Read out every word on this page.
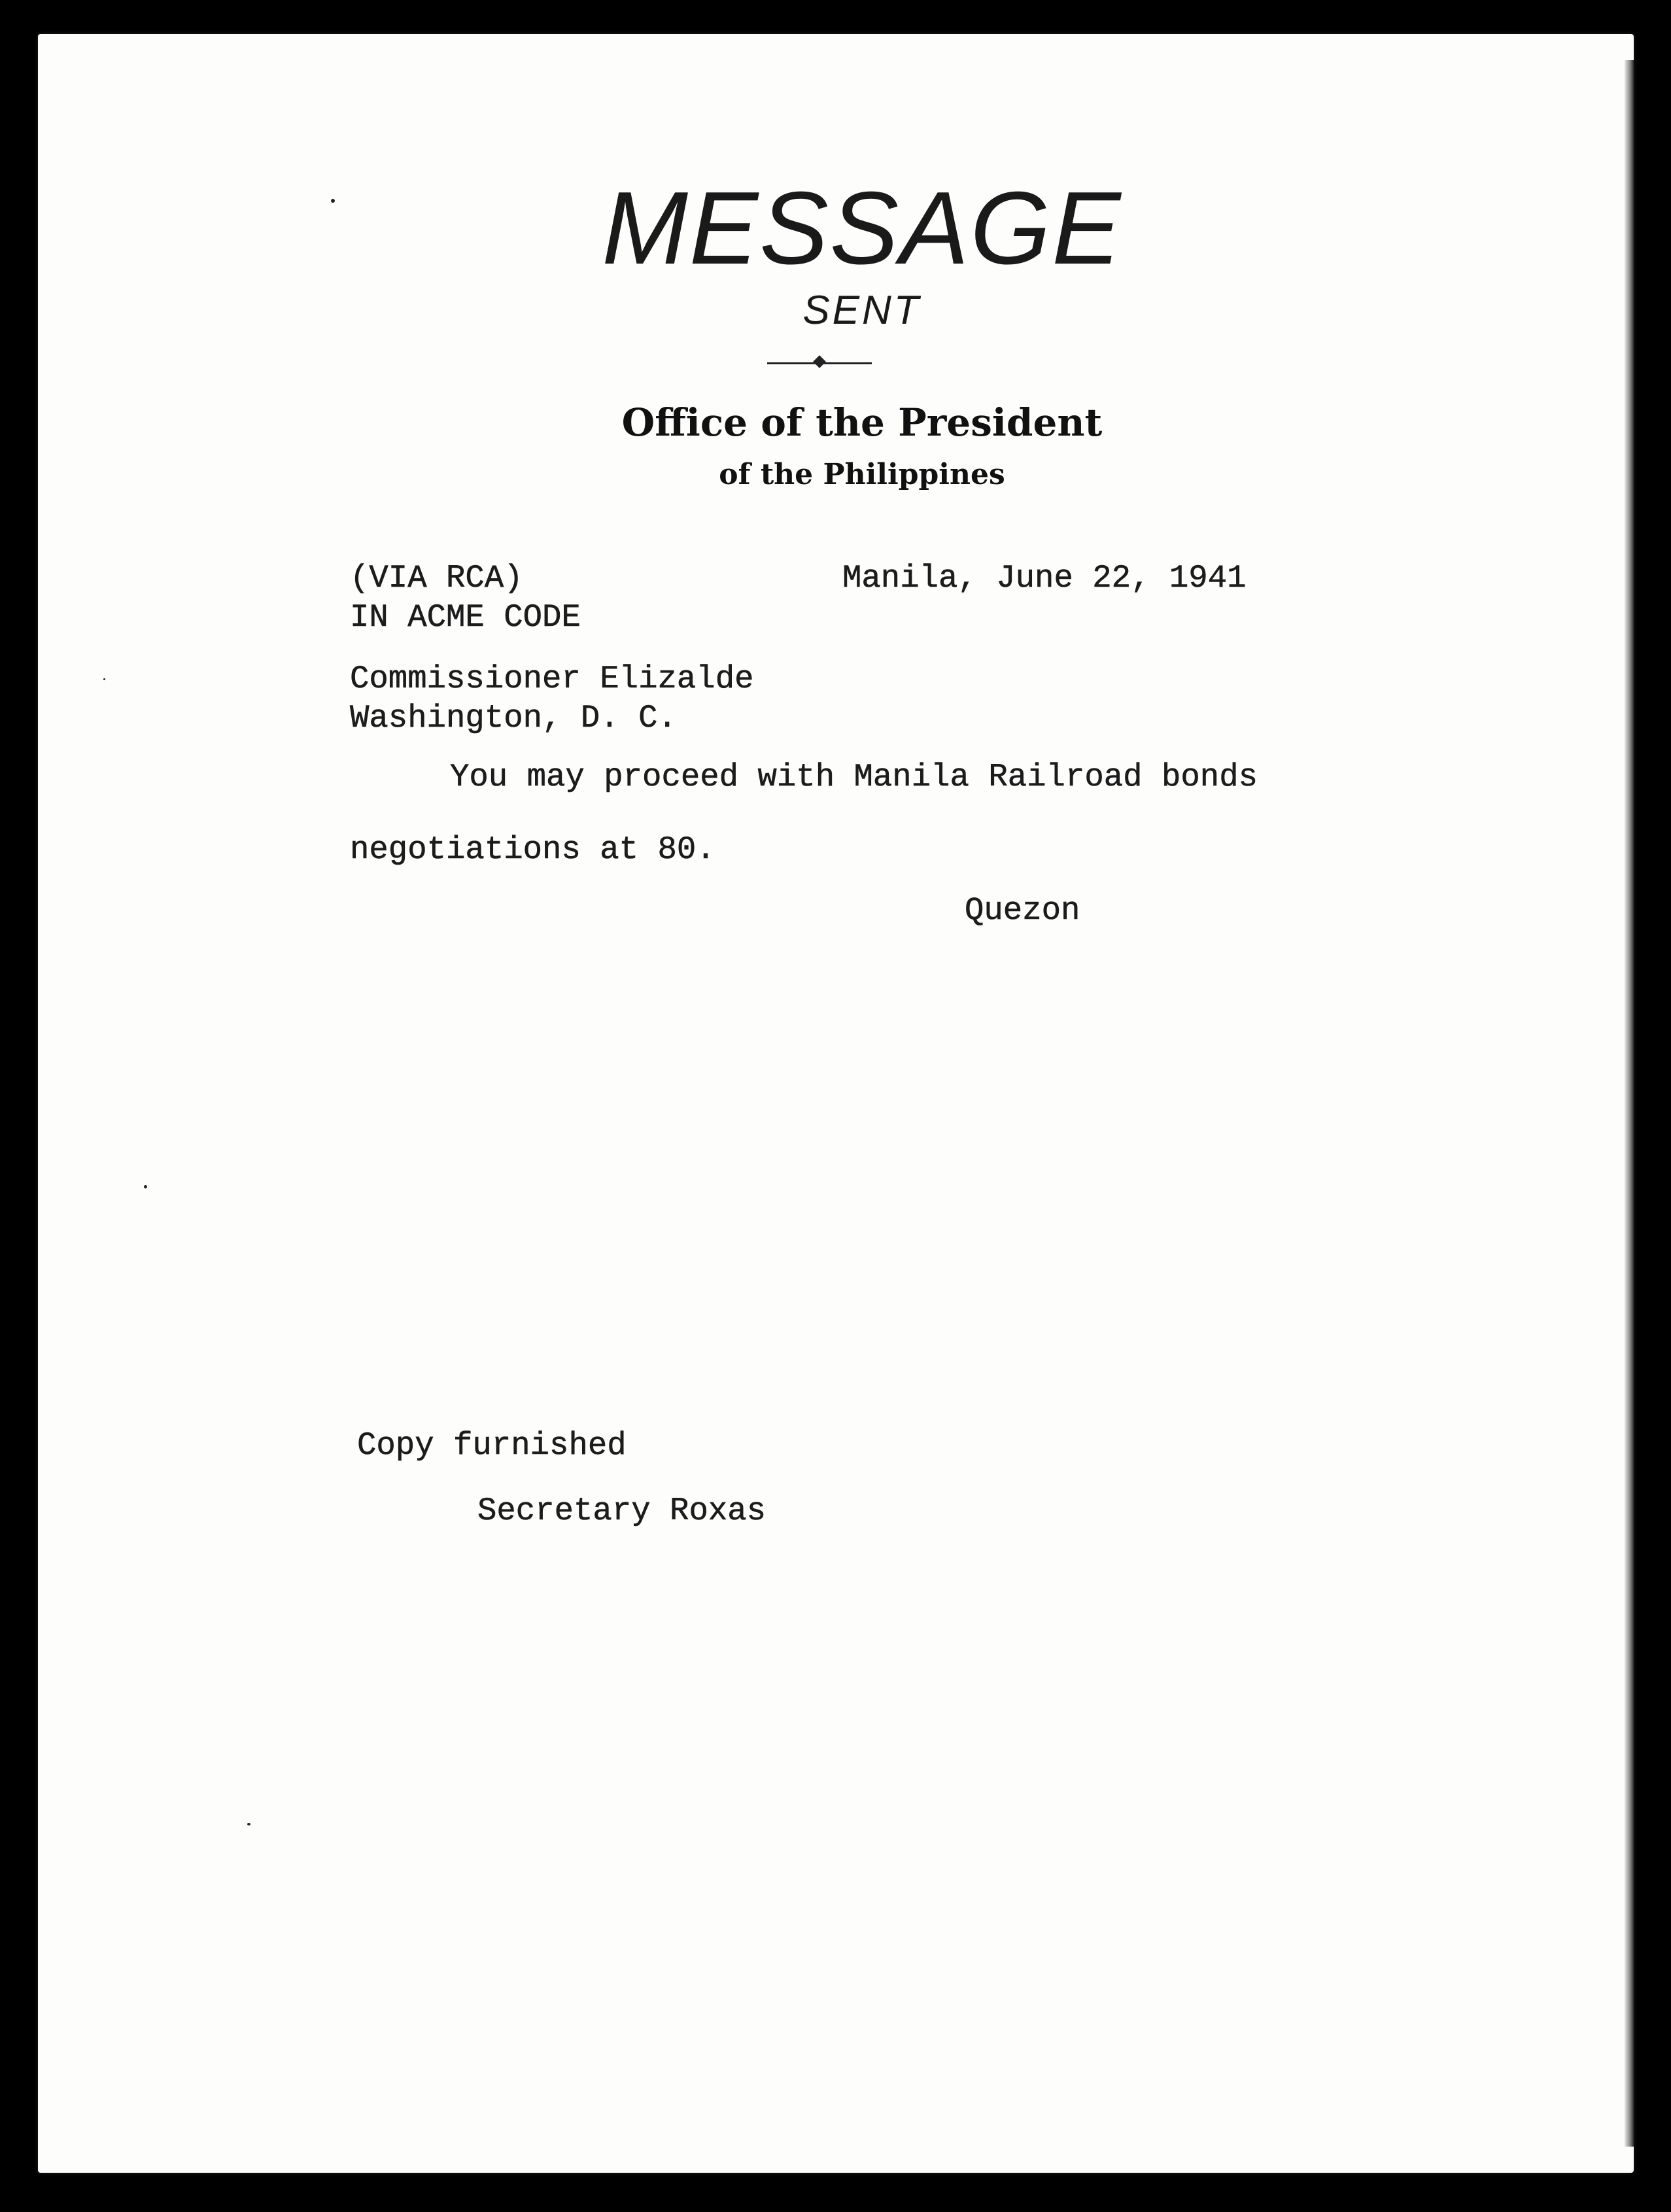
MESSAGE
SENT
Office of the President
of the Philippines
(VIA RCA)	Manila, June 22, 1941
IN ACME CODE
Commissioner Elizalde
Washington, D. C.
You may proceed with Manila Railroad bonds
negotiations at 80.
Quezon
Copy furnished
Secretary Roxas
